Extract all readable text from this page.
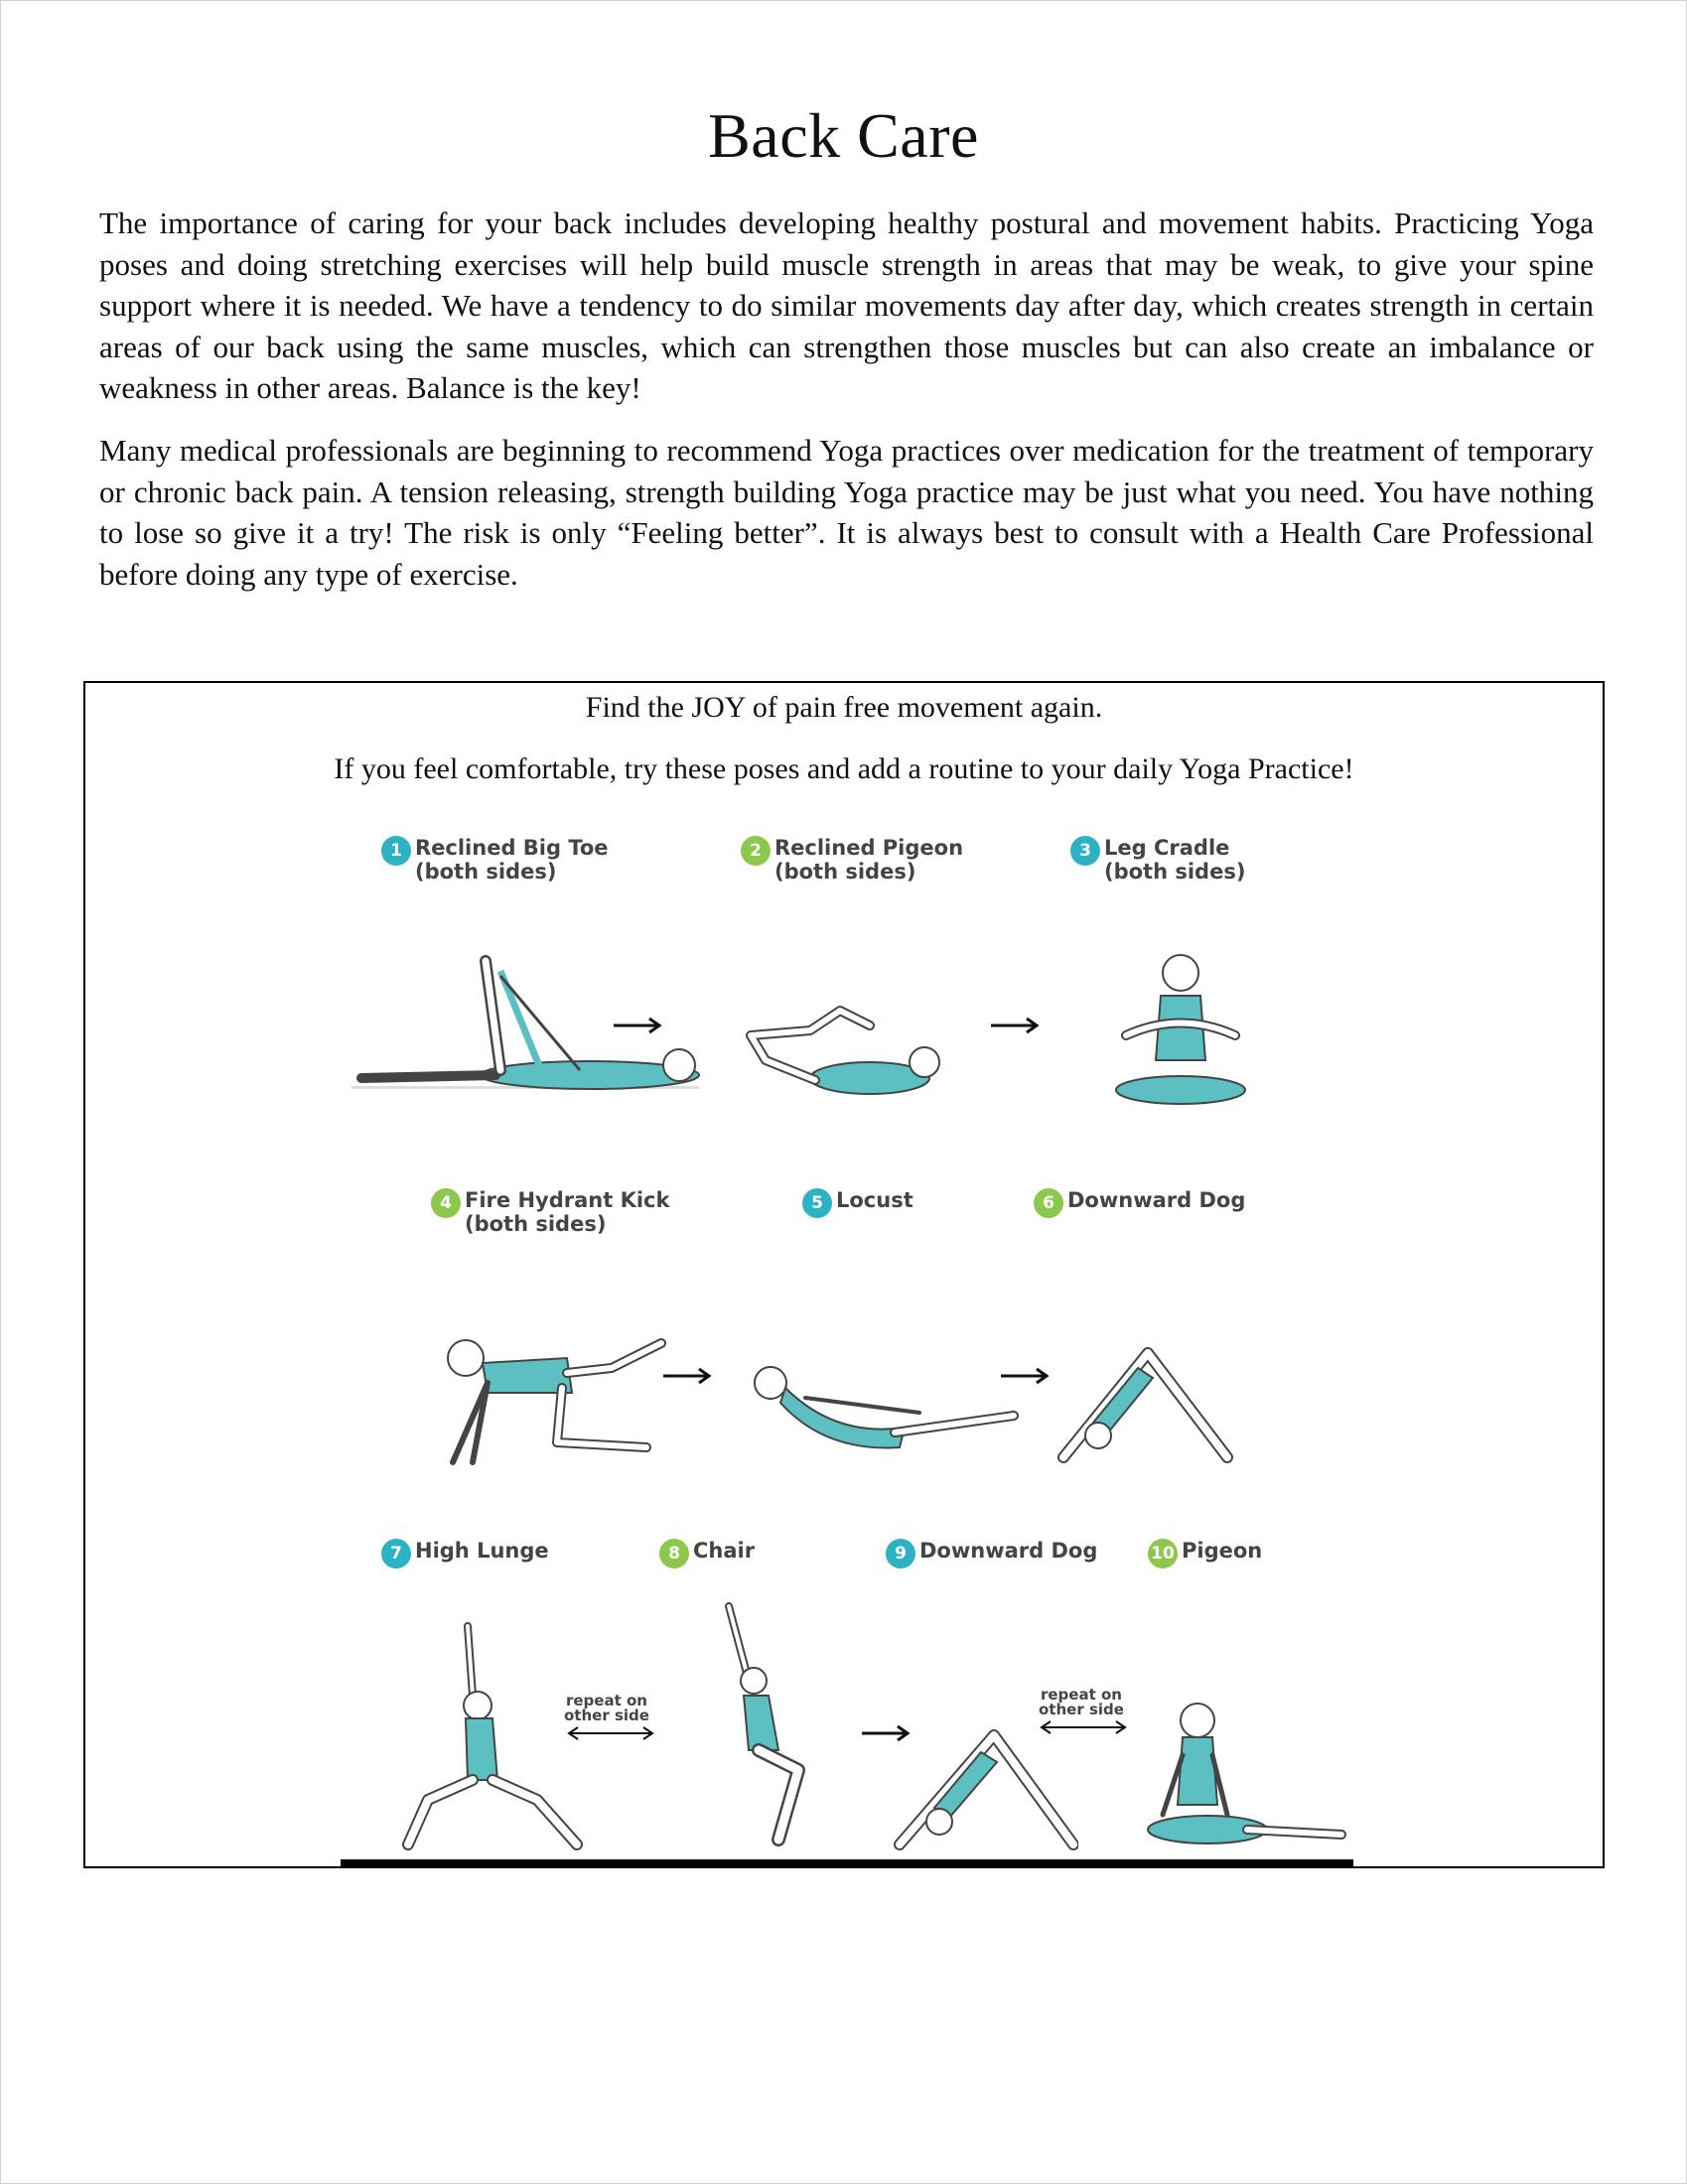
Back Care

The importance of caring for your back includes developing healthy postural and movement habits. Practicing Yoga poses and doing stretching exercises will help build muscle strength in areas that may be weak, to give your spine support where it is needed. We have a tendency to do similar movements day after day, which creates strength in certain areas of our back using the same muscles, which can strengthen those muscles but can also create an imbalance or weakness in other areas. Balance is the key!

Many medical professionals are beginning to recommend Yoga practices over medication for the treatment of temporary or chronic back pain. A tension releasing, strength building Yoga practice may be just what you need. You have nothing to lose so give it a try! The risk is only “Feeling better”. It is always best to consult with a Health Care Professional before doing any type of exercise.

Find the JOY of pain free movement again.

If you feel comfortable, try these poses and add a routine to your daily Yoga Practice!

1 Reclined Big Toe
(both sides)
2 Reclined Pigeon
(both sides)
3 Leg Cradle
(both sides)
4 Fire Hydrant Kick
(both sides)
5 Locust	6 Downward Dog
7 High Lunge	8 Chair	9 Downward Dog	10 Pigeon
repeat on
other side
repeat on
other side
